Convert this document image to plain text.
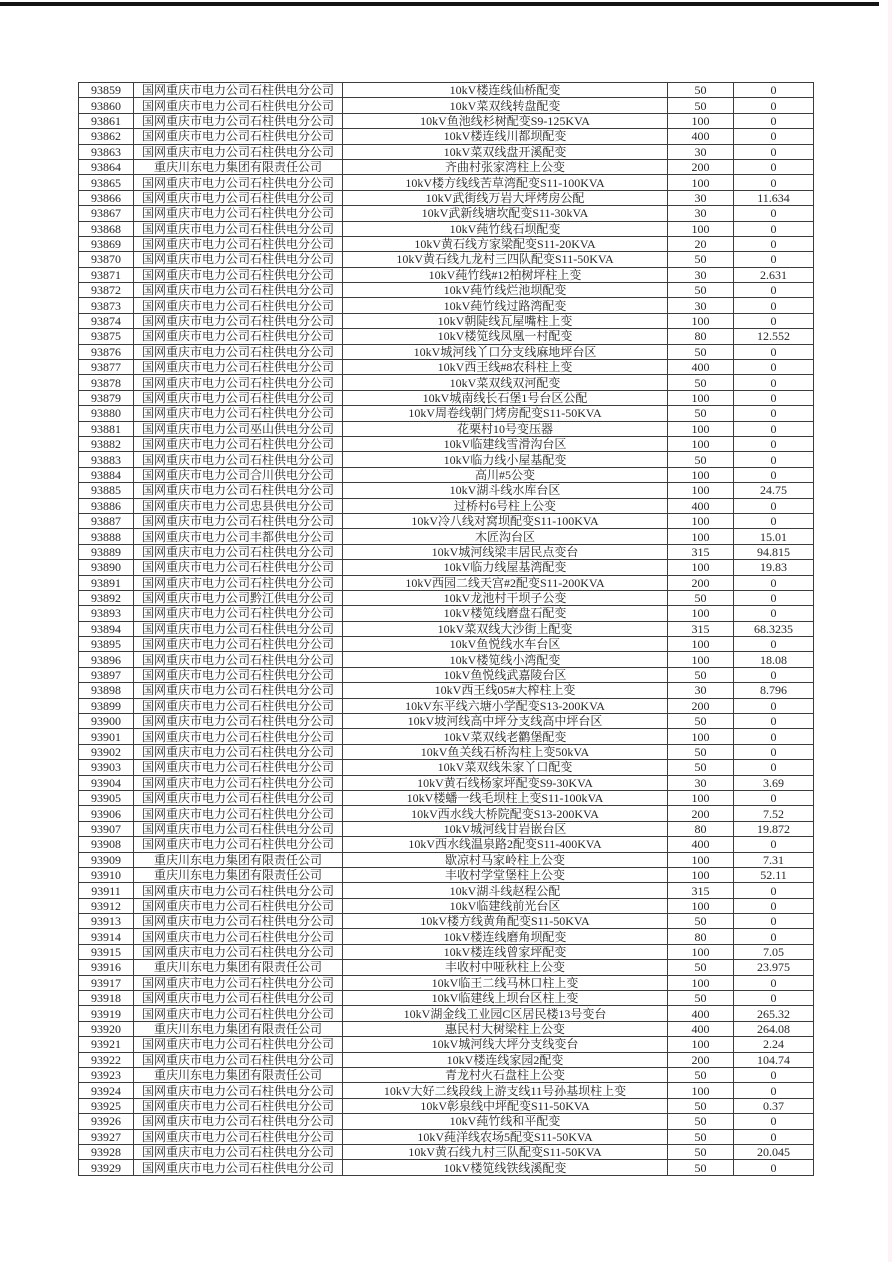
93859	国网重庆市电力公司石柱供电分公司	10kV楼连线仙桥配变	50	0
93860	国网重庆市电力公司石柱供电分公司	10kV菜双线转盘配变	50	0
93861	国网重庆市电力公司石柱供电分公司	10kV鱼池线杉树配变S9-125KVA	100	0
93862	国网重庆市电力公司石柱供电分公司	10kV楼连线川都坝配变	400	0
93863	国网重庆市电力公司石柱供电分公司	10kV菜双线盘开溪配变	30	0
93864	重庆川东电力集团有限责任公司	齐曲村张家湾柱上公变	200	0
93865	国网重庆市电力公司石柱供电分公司	10kV楼方线线苦草湾配变S11-100KVA	100	0
93866	国网重庆市电力公司石柱供电分公司	10kV武街线万岩大坪烤房公配	30	11.634
93867	国网重庆市电力公司石柱供电分公司	10kV武新线塘坎配变S11-30kVA	30	0
93868	国网重庆市电力公司石柱供电分公司	10kV莼竹线石坝配变	100	0
93869	国网重庆市电力公司石柱供电分公司	10kV黄石线方家梁配变S11-20KVA	20	0
93870	国网重庆市电力公司石柱供电分公司	10kV黄石线九龙村三四队配变S11-50KVA	50	0
93871	国网重庆市电力公司石柱供电分公司	10kV莼竹线#12柏树坪柱上变	30	2.631
93872	国网重庆市电力公司石柱供电分公司	10kV莼竹线烂池坝配变	50	0
93873	国网重庆市电力公司石柱供电分公司	10kV莼竹线过路湾配变	30	0
93874	国网重庆市电力公司石柱供电分公司	10kV朝陡线瓦屋嘴柱上变	100	0
93875	国网重庆市电力公司石柱供电分公司	10kV楼笕线凤凰一村配变	80	12.552
93876	国网重庆市电力公司石柱供电分公司	10kV城河线丫口分支线麻地坪台区	50	0
93877	国网重庆市电力公司石柱供电分公司	10kV西王线#8农科柱上变	400	0
93878	国网重庆市电力公司石柱供电分公司	10kV菜双线双河配变	50	0
93879	国网重庆市电力公司石柱供电分公司	10kV城南线长石堡1号台区公配	100	0
93880	国网重庆市电力公司石柱供电分公司	10kV周卷线朝门烤房配变S11-50KVA	50	0
93881	国网重庆市电力公司巫山供电分公司	花栗村10号变压器	100	0
93882	国网重庆市电力公司石柱供电分公司	10kV临建线雪滑沟台区	100	0
93883	国网重庆市电力公司石柱供电分公司	10kV临力线小屋基配变	50	0
93884	国网重庆市电力公司合川供电分公司	高川#5公变	100	0
93885	国网重庆市电力公司石柱供电分公司	10kV湖斗线水库台区	100	24.75
93886	国网重庆市电力公司忠县供电分公司	过桥村6号柱上公变	400	0
93887	国网重庆市电力公司石柱供电分公司	10kV冷八线对窝坝配变S11-100KVA	100	0
93888	国网重庆市电力公司丰都供电分公司	木匠沟台区	100	15.01
93889	国网重庆市电力公司石柱供电分公司	10kV城河线梁丰居民点变台	315	94.815
93890	国网重庆市电力公司石柱供电分公司	10kV临力线屋基湾配变	100	19.83
93891	国网重庆市电力公司石柱供电分公司	10kV西园二线天宫#2配变S11-200KVA	200	0
93892	国网重庆市电力公司黔江供电分公司	10kV龙池村干坝子公变	50	0
93893	国网重庆市电力公司石柱供电分公司	10kV楼笕线磨盘石配变	100	0
93894	国网重庆市电力公司石柱供电分公司	10kV菜双线大沙街上配变	315	68.3235
93895	国网重庆市电力公司石柱供电分公司	10kV鱼悦线水车台区	100	0
93896	国网重庆市电力公司石柱供电分公司	10kV楼笕线小湾配变	100	18.08
93897	国网重庆市电力公司石柱供电分公司	10kV鱼悦线武嘉陵台区	50	0
93898	国网重庆市电力公司石柱供电分公司	10kV西王线05#大榨柱上变	30	8.796
93899	国网重庆市电力公司石柱供电分公司	10kV东平线六塘小学配变S13-200KVA	200	0
93900	国网重庆市电力公司石柱供电分公司	10kV坡河线高中坪分支线高中坪台区	50	0
93901	国网重庆市电力公司石柱供电分公司	10kV菜双线老鹳堡配变	100	0
93902	国网重庆市电力公司石柱供电分公司	10kV鱼关线石桥沟柱上变50kVA	50	0
93903	国网重庆市电力公司石柱供电分公司	10kV菜双线朱家丫口配变	50	0
93904	国网重庆市电力公司石柱供电分公司	10kV黄石线杨家坪配变S9-30KVA	30	3.69
93905	国网重庆市电力公司石柱供电分公司	10kV楼蟠一线毛坝柱上变S11-100kVA	100	0
93906	国网重庆市电力公司石柱供电分公司	10kV西水线大桥院配变S13-200KVA	200	7.52
93907	国网重庆市电力公司石柱供电分公司	10kV城河线甘岩嵌台区	80	19.872
93908	国网重庆市电力公司石柱供电分公司	10kV西水线温泉路2配变S11-400KVA	400	0
93909	重庆川东电力集团有限责任公司	歇凉村马家岭柱上公变	100	7.31
93910	重庆川东电力集团有限责任公司	丰收村学堂堡柱上公变	100	52.11
93911	国网重庆市电力公司石柱供电分公司	10kV湖斗线赵程公配	315	0
93912	国网重庆市电力公司石柱供电分公司	10kV临建线前光台区	100	0
93913	国网重庆市电力公司石柱供电分公司	10kV楼方线黄角配变S11-50KVA	50	0
93914	国网重庆市电力公司石柱供电分公司	10kV楼连线磨角坝配变	80	0
93915	国网重庆市电力公司石柱供电分公司	10kV楼连线曾家坪配变	100	7.05
93916	重庆川东电力集团有限责任公司	丰收村中哑秋柱上公变	50	23.975
93917	国网重庆市电力公司石柱供电分公司	10kV临王二线马林口柱上变	100	0
93918	国网重庆市电力公司石柱供电分公司	10kV临建线上坝台区柱上变	50	0
93919	国网重庆市电力公司石柱供电分公司	10kV湖金线工业园C区居民楼13号变台	400	265.32
93920	重庆川东电力集团有限责任公司	惠民村大树梁柱上公变	400	264.08
93921	国网重庆市电力公司石柱供电分公司	10kV城河线大坪分支线变台	100	2.24
93922	国网重庆市电力公司石柱供电分公司	10kV楼连线家园2配变	200	104.74
93923	重庆川东电力集团有限责任公司	青龙村火石盘柱上公变	50	0
93924	国网重庆市电力公司石柱供电分公司	10kV大好二线段线上游支线11号孙基坝柱上变	100	0
93925	国网重庆市电力公司石柱供电分公司	10kV彰泉线中坪配变S11-50KVA	50	0.37
93926	国网重庆市电力公司石柱供电分公司	10kV莼竹线和平配变	50	0
93927	国网重庆市电力公司石柱供电分公司	10kV莼洋线农场5配变S11-50KVA	50	0
93928	国网重庆市电力公司石柱供电分公司	10kV黄石线九村三队配变S11-50KVA	50	20.045
93929	国网重庆市电力公司石柱供电分公司	10kV楼笕线铁线溪配变	50	0
